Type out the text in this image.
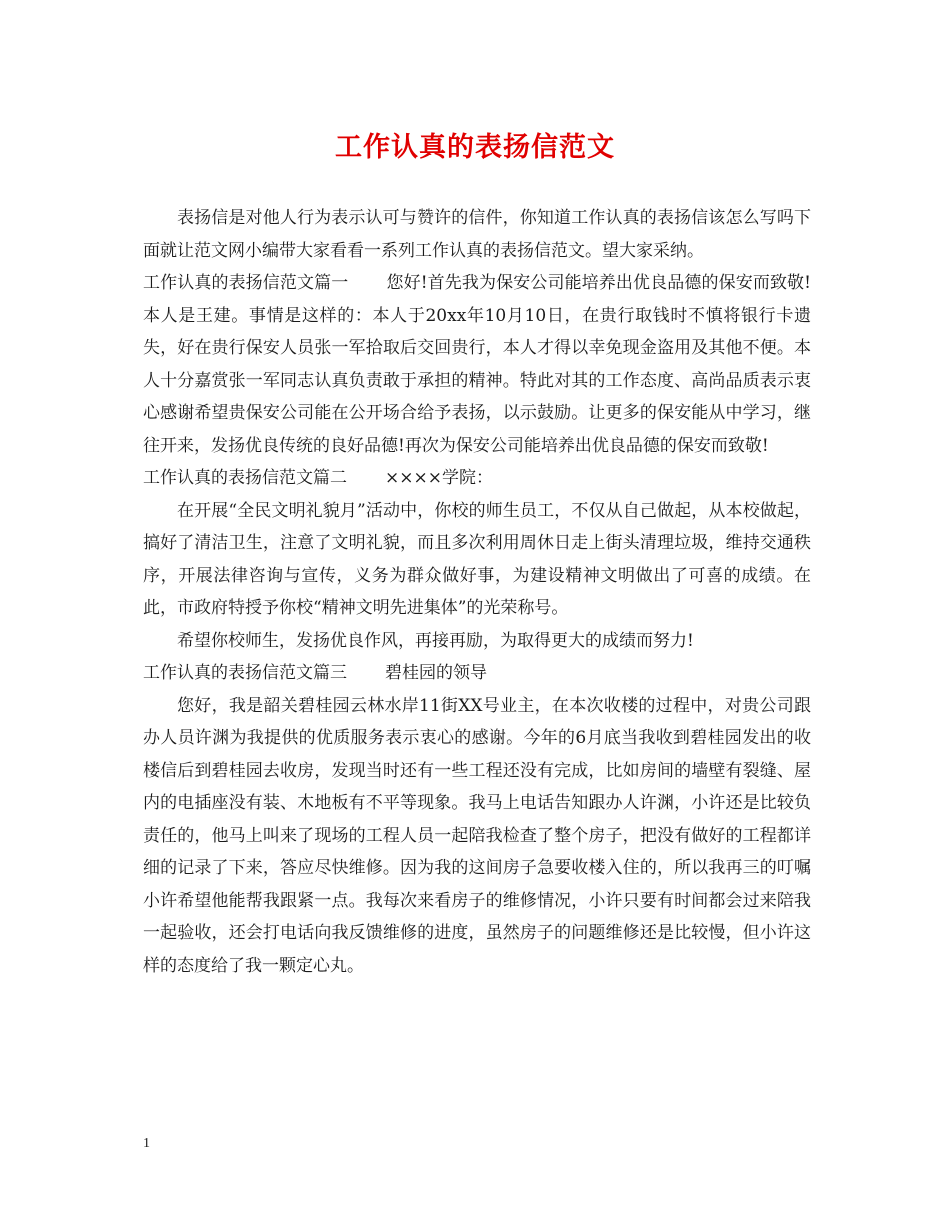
工作认真的表扬信范文

表扬信是对他人行为表示认可与赞许的信件，你知道工作认真的表扬信该怎么写吗下面就让范文网小编带大家看看一系列工作认真的表扬信范文。望大家采纳。

工作认真的表扬信范文篇一 您好!首先我为保安公司能培养出优良品德的保安而致敬!本人是王建。事情是这样的：本人于20xx年10月10日，在贵行取钱时不慎将银行卡遗失，好在贵行保安人员张一军拾取后交回贵行，本人才得以幸免现金盗用及其他不便。本人十分嘉赏张一军同志认真负责敢于承担的精神。特此对其的工作态度、高尚品质表示衷心感谢希望贵保安公司能在公开场合给予表扬，以示鼓励。让更多的保安能从中学习，继往开来，发扬优良传统的良好品德!再次为保安公司能培养出优良品德的保安而致敬!

工作认真的表扬信范文篇二 ××××学院：

在开展“全民文明礼貌月”活动中，你校的师生员工，不仅从自己做起，从本校做起，搞好了清洁卫生，注意了文明礼貌，而且多次利用周休日走上街头清理垃圾，维持交通秩序，开展法律咨询与宣传，义务为群众做好事，为建设精神文明做出了可喜的成绩。在此，市政府特授予你校“精神文明先进集体”的光荣称号。

希望你校师生，发扬优良作风，再接再励，为取得更大的成绩而努力!

工作认真的表扬信范文篇三 碧桂园的领导

您好，我是韶关碧桂园云林水岸11街XX号业主，在本次收楼的过程中，对贵公司跟办人员许渊为我提供的优质服务表示衷心的感谢。今年的6月底当我收到碧桂园发出的收楼信后到碧桂园去收房，发现当时还有一些工程还没有完成，比如房间的墙壁有裂缝、屋内的电插座没有装、木地板有不平等现象。我马上电话告知跟办人许渊，小许还是比较负责任的，他马上叫来了现场的工程人员一起陪我检查了整个房子，把没有做好的工程都详细的记录了下来，答应尽快维修。因为我的这间房子急要收楼入住的，所以我再三的叮嘱小许希望他能帮我跟紧一点。我每次来看房子的维修情况，小许只要有时间都会过来陪我一起验收，还会打电话向我反馈维修的进度，虽然房子的问题维修还是比较慢，但小许这样的态度给了我一颗定心丸。

1
